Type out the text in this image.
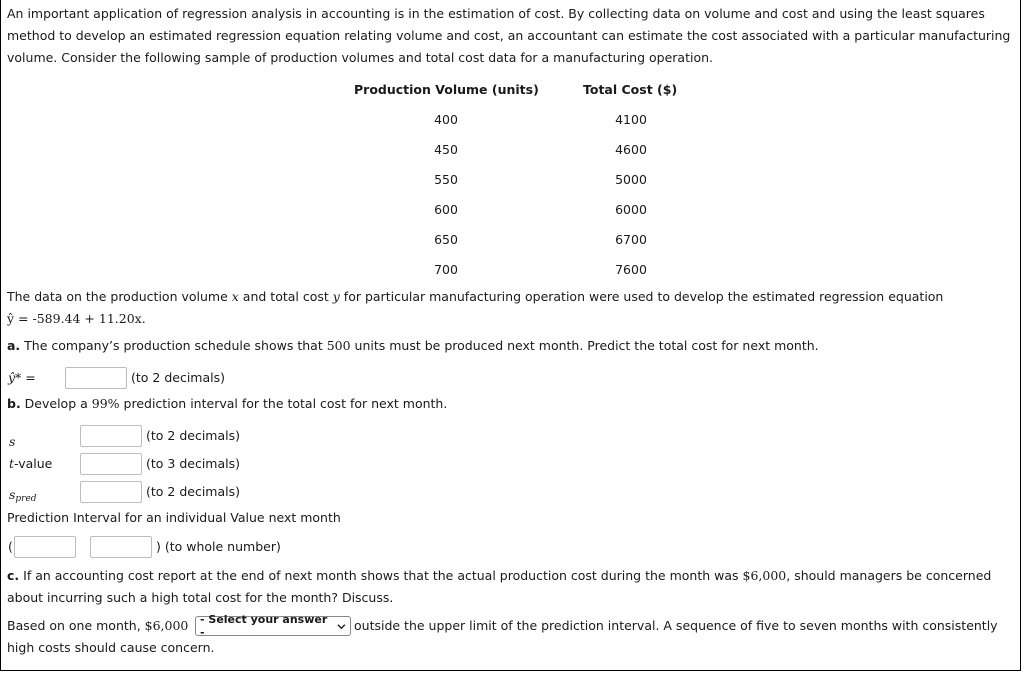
An important application of regression analysis in accounting is in the estimation of cost. By collecting data on volume and cost and using the least squares
method to develop an estimated regression equation relating volume and cost, an accountant can estimate the cost associated with a particular manufacturing
volume. Consider the following sample of production volumes and total cost data for a manufacturing operation.
Production Volume (units)	Total Cost ($)
400	4100
450	4600
550	5000
600	6000
650	6700
700	7600
The data on the production volume x and total cost y for particular manufacturing operation were used to develop the estimated regression equation
ŷ = -589.44 + 11.20x.
a. The company’s production schedule shows that 500 units must be produced next month. Predict the total cost for next month.
ŷ* =	(to 2 decimals)
b. Develop a 99% prediction interval for the total cost for next month.
s	(to 2 decimals)
t-value	(to 3 decimals)
$s_{pred}$	(to 2 decimals)
Prediction Interval for an individual Value next month
(	) (to whole number)
c. If an accounting cost report at the end of next month shows that the actual production cost during the month was $6,000, should managers be concerned
about incurring such a high total cost for the month? Discuss.
Based on one month, $6,000 - Select your answer -	outside the upper limit of the prediction interval. A sequence of five to seven months with consistently
high costs should cause concern.
